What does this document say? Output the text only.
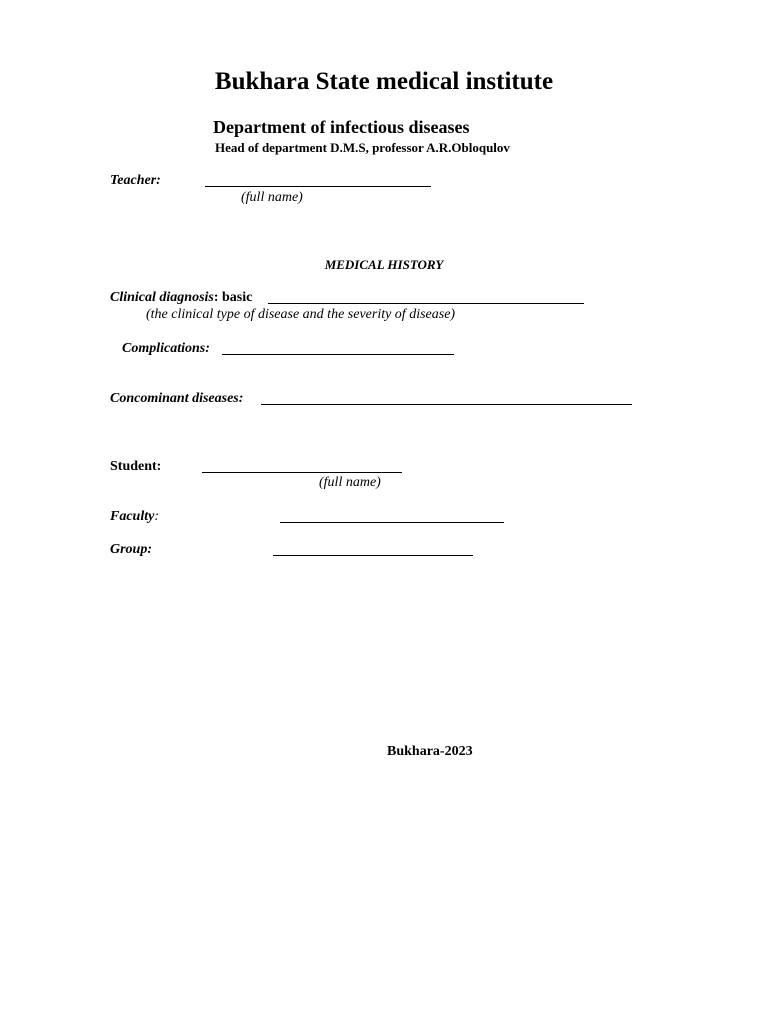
Bukhara State medical institute
Department of infectious diseases
Head of department D.M.S, professor A.R.Obloqulov
Teacher:
(full name)
MEDICAL HISTORY
Clinical diagnosis: basic
(the clinical type of disease and the severity of disease)
Complications:
Concominant diseases:
Student:
(full name)
Faculty:
Group:
Bukhara-2023
